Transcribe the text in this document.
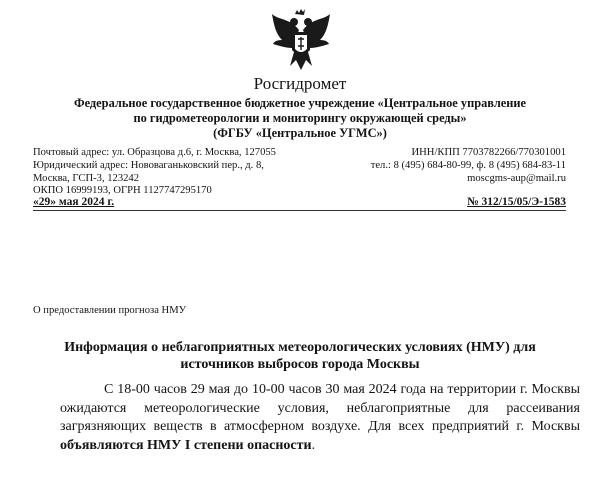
Росгидромет
Федеральное государственное бюджетное учреждение «Центральное управление
по гидрометеорологии и мониторингу окружающей среды»
(ФГБУ «Центральное УГМС»)
Почтовый адрес: ул. Образцова д.6, г. Москва, 127055
Юридический адрес: Нововаганьковский пер., д. 8,
Москва, ГСП-3, 123242
ОКПО 16999193, ОГРН 1127747295170
ИНН/КПП 7703782266/770301001
тел.: 8 (495) 684-80-99, ф. 8 (495) 684-83-11
moscgms-aup@mail.ru
«29» мая 2024 г.	№ 312/15/05/Э-1583
О предоставлении прогноза НМУ
Информация о неблагоприятных метеорологических условиях (НМУ) для
источников выбросов города Москвы
С 18-00 часов 29 мая до 10-00 часов 30 мая 2024 года на территории г. Москвы ожидаются метеорологические условия, неблагоприятные для рассеивания загрязняющих веществ в атмосферном воздухе. Для всех предприятий г. Москвы объявляются НМУ I степени опасности.
